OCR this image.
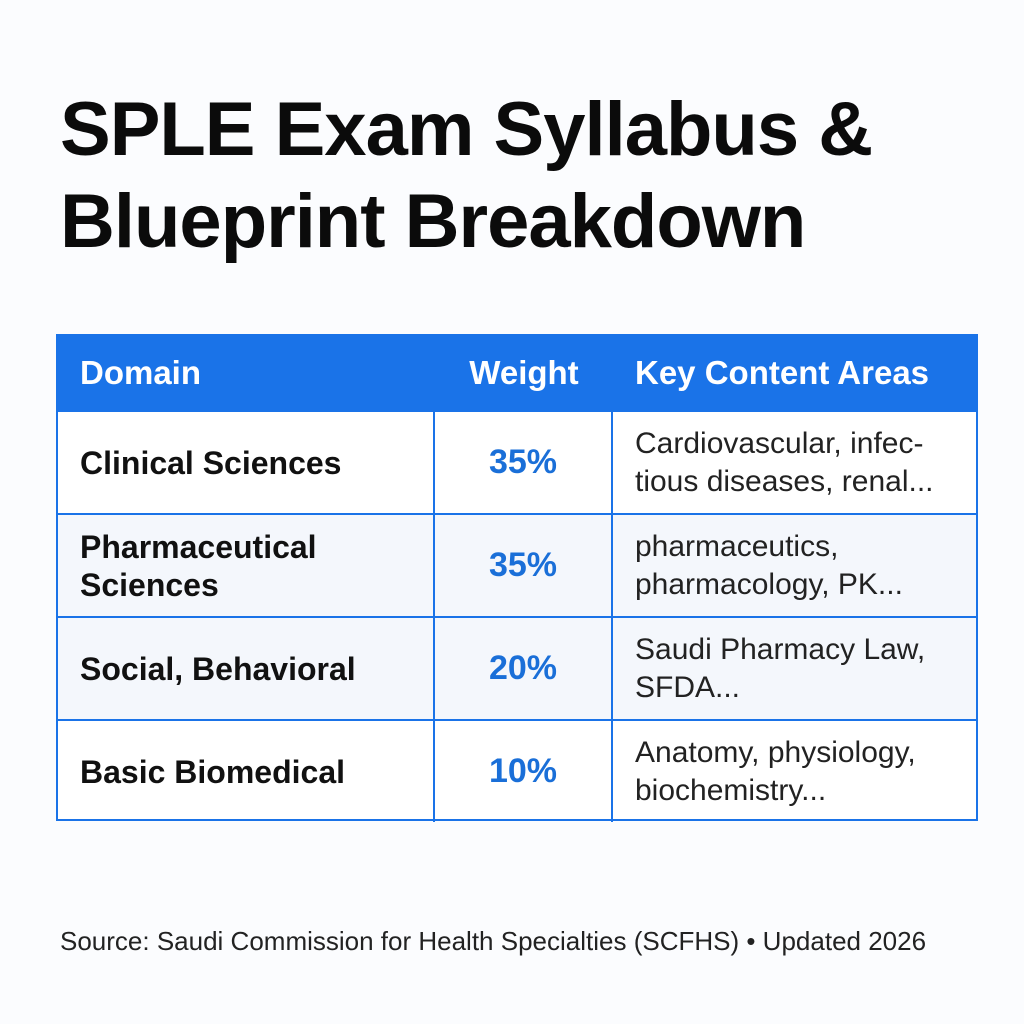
SPLE Exam Syllabus &
Blueprint Breakdown
Domain	Weight	Key Content Areas
Clinical Sciences	35%	Cardiovascular, infec-
tious diseases, renal...
Pharmaceutical
Sciences
35%	pharmaceutics,
pharmacology, PK...
Social, Behavioral	20%	Saudi Pharmacy Law,
SFDA...
Basic Biomedical	10%	Anatomy, physiology,
biochemistry...
Source: Saudi Commission for Health Specialties (SCFHS) • Updated 2026
